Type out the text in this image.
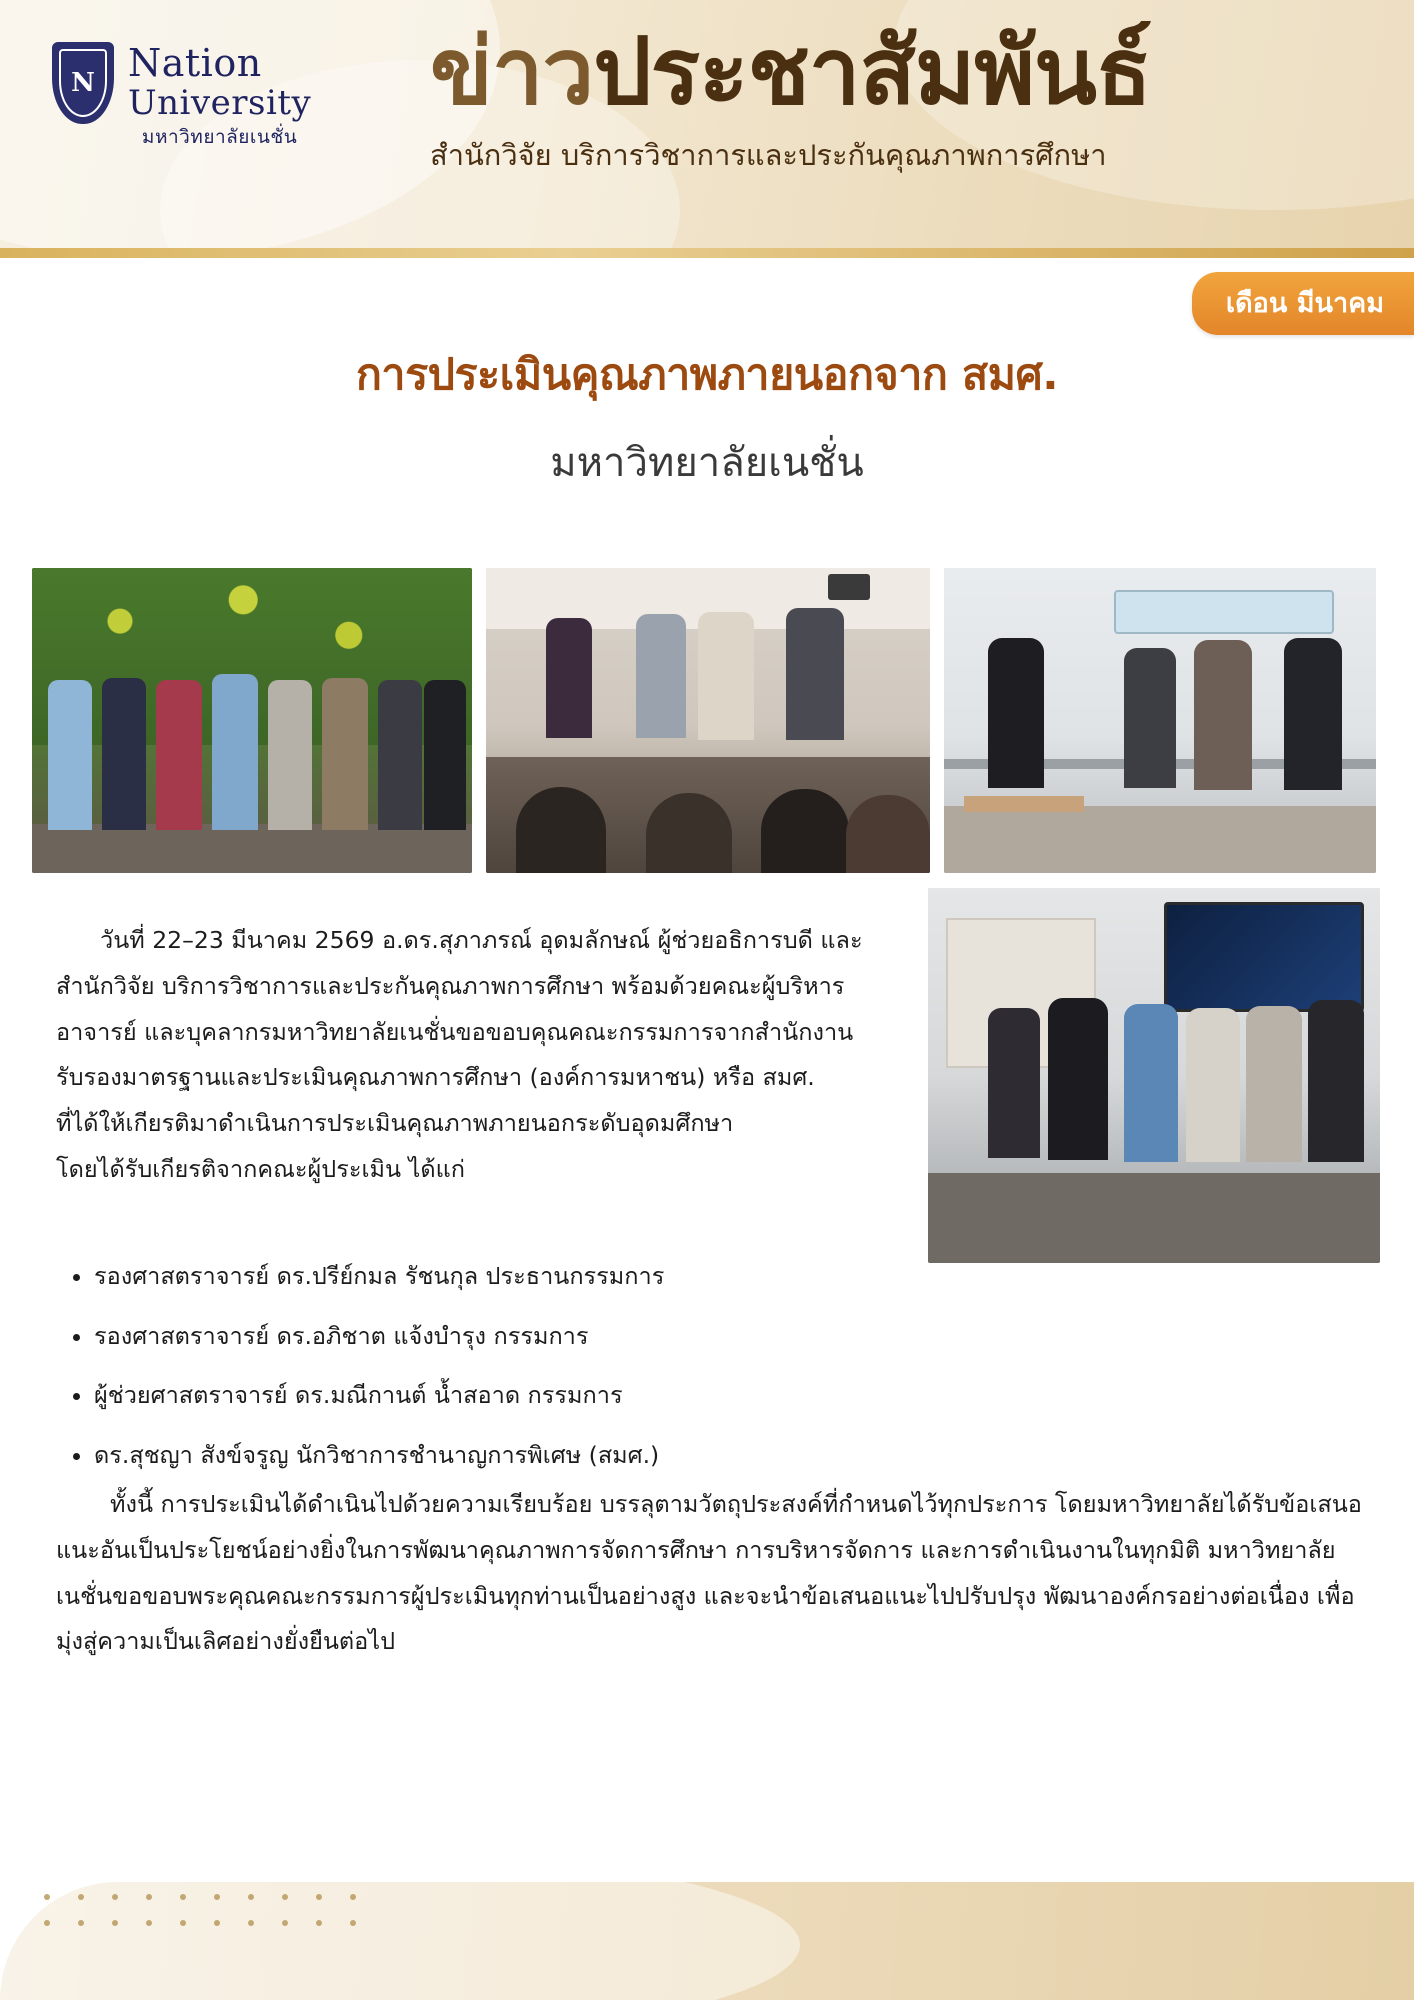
N Nation
University
มหาวิทยาลัยเนชั่น
ข่าวประชาสัมพันธ์
สำนักวิจัย บริการวิชาการและประกันคุณภาพการศึกษา
เดือน มีนาคม
การประเมินคุณภาพภายนอกจาก สมศ.
มหาวิทยาลัยเนชั่น

วันที่ 22–23 มีนาคม 2569 อ.ดร.สุภาภรณ์ อุดมลักษณ์ ผู้ช่วยอธิการบดี และสำนักวิจัย บริการวิชาการและประกันคุณภาพการศึกษา พร้อมด้วยคณะผู้บริหาร อาจารย์ และบุคลากรมหาวิทยาลัยเนชั่นขอขอบคุณคณะกรรมการจากสำนักงานรับรองมาตรฐานและประเมินคุณภาพการศึกษา (องค์การมหาชน) หรือ สมศ.

ที่ได้ให้เกียรติมาดำเนินการประเมินคุณภาพภายนอกระดับอุดมศึกษา

โดยได้รับเกียรติจากคณะผู้ประเมิน ได้แก่

• รองศาสตราจารย์ ดร.ปรีย์กมล รัชนกุล ประธานกรรมการ
• รองศาสตราจารย์ ดร.อภิชาต แจ้งบำรุง กรรมการ
• ผู้ช่วยศาสตราจารย์ ดร.มณีกานต์ น้ำสอาด กรรมการ
• ดร.สุชญา สังข์จรูญ นักวิชาการชำนาญการพิเศษ (สมศ.)

ทั้งนี้ การประเมินได้ดำเนินไปด้วยความเรียบร้อย บรรลุตามวัตถุประสงค์ที่กำหนดไว้ทุกประการ โดยมหาวิทยาลัยได้รับข้อเสนอแนะอันเป็นประโยชน์อย่างยิ่งในการพัฒนาคุณภาพการจัดการศึกษา การบริหารจัดการ และการดำเนินงานในทุกมิติ มหาวิทยาลัยเนชั่นขอขอบพระคุณคณะกรรมการผู้ประเมินทุกท่านเป็นอย่างสูง และจะนำข้อเสนอแนะไปปรับปรุง พัฒนาองค์กรอย่างต่อเนื่อง เพื่อมุ่งสู่ความเป็นเลิศอย่างยั่งยืนต่อไป
